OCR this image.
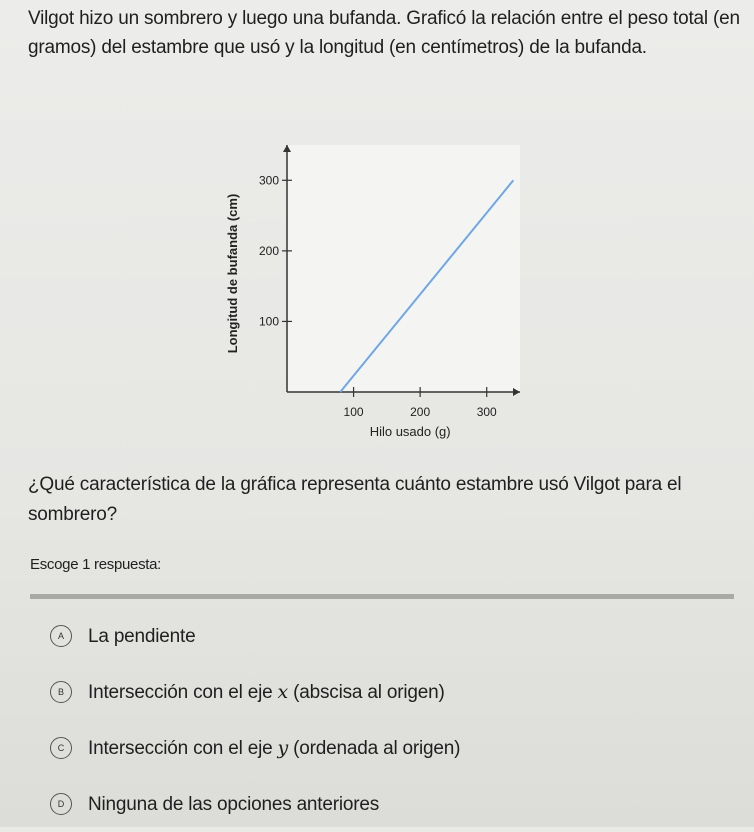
Vilgot hizo un sombrero y luego una bufanda. Graficó la relación entre el peso total (en gramos) del estambre que usó y la longitud (en centímetros) de la bufanda.
100	200	300
100
200
300
Hilo usado (g)
Longitud de bufanda (cm)
¿Qué característica de la gráfica representa cuánto estambre usó Vilgot para el sombrero?
Escoge 1 respuesta:
A	La pendiente
B	Intersección con el eje x (abscisa al origen)
C	Intersección con el eje y (ordenada al origen)
D	Ninguna de las opciones anteriores
